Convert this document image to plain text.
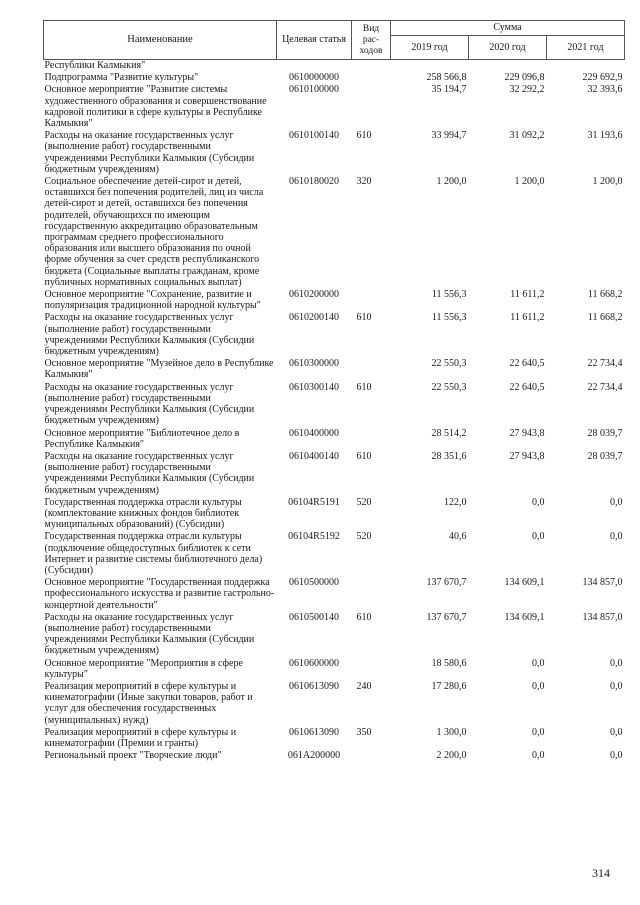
Наименование	Целевая статья	Вид рас-ходов	Сумма		
			2019 год	2020 год	2021 год
Республики Калмыкия"					
Подпрограмма "Развитие культуры"	0610000000		258 566,8	229 096,8	229 692,9
Основное мероприятие "Развитие системы художественного образования и совершенствование кадровой политики в сфере культуры в Республике Калмыкия"	0610100000		35 194,7	32 292,2	32 393,6
Расходы на оказание государственных услуг (выполнение работ) государственными учреждениями Республики Калмыкия (Субсидии бюджетным учреждениям)	0610100140	610	33 994,7	31 092,2	31 193,6
Социальное обеспечение детей-сирот и детей, оставшихся без попечения родителей, лиц из числа детей-сирот и детей, оставшихся без попечения родителей, обучающихся по имеющим государственную аккредитацию образовательным программам среднего профессионального образования или высшего образования по очной форме обучения за счет средств республиканского бюджета (Социальные выплаты гражданам, кроме публичных нормативных социальных выплат)	0610180020	320	1 200,0	1 200,0	1 200,0
Основное мероприятие "Сохранение, развитие и популяризация традиционной народной культуры"	0610200000		11 556,3	11 611,2	11 668,2
Расходы на оказание государственных услуг (выполнение работ) государственными учреждениями Республики Калмыкия (Субсидии бюджетным учреждениям)	0610200140	610	11 556,3	11 611,2	11 668,2
Основное мероприятие "Музейное дело в Республике Калмыкия"	0610300000		22 550,3	22 640,5	22 734,4
Расходы на оказание государственных услуг (выполнение работ) государственными учреждениями Республики Калмыкия (Субсидии бюджетным учреждениям)	0610300140	610	22 550,3	22 640,5	22 734,4
Основное мероприятие "Библиотечное дело в Республике Калмыкия"	0610400000		28 514,2	27 943,8	28 039,7
Расходы на оказание государственных услуг (выполнение работ) государственными учреждениями Республики Калмыкия (Субсидии бюджетным учреждениям)	0610400140	610	28 351,6	27 943,8	28 039,7
Государственная поддержка отрасли культуры (комплектование книжных фондов библиотек муниципальных образований) (Субсидии)	06104R5191	520	122,0	0,0	0,0
Государственная поддержка отрасли культуры (подключение общедоступных библиотек к сети Интернет и развитие системы библиотечного дела) (Субсидии)	06104R5192	520	40,6	0,0	0,0
Основное мероприятие "Государственная поддержка профессионального искусства и развитие гастрольно-концертной деятельности"	0610500000		137 670,7	134 609,1	134 857,0
Расходы на оказание государственных услуг (выполнение работ) государственными учреждениями Республики Калмыкия (Субсидии бюджетным учреждениям)	0610500140	610	137 670,7	134 609,1	134 857,0
Основное мероприятие "Мероприятия в сфере культуры"	0610600000		18 580,6	0,0	0,0
Реализация мероприятий в сфере культуры и кинематографии (Иные закупки товаров, работ и услуг для обеспечения государственных (муниципальных) нужд)	0610613090	240	17 280,6	0,0	0,0
Реализация мероприятий в сфере культуры и кинематографии (Премии и гранты)	0610613090	350	1 300,0	0,0	0,0
Региональный проект "Творческие люди"	061A200000		2 200,0	0,0	0,0
314
